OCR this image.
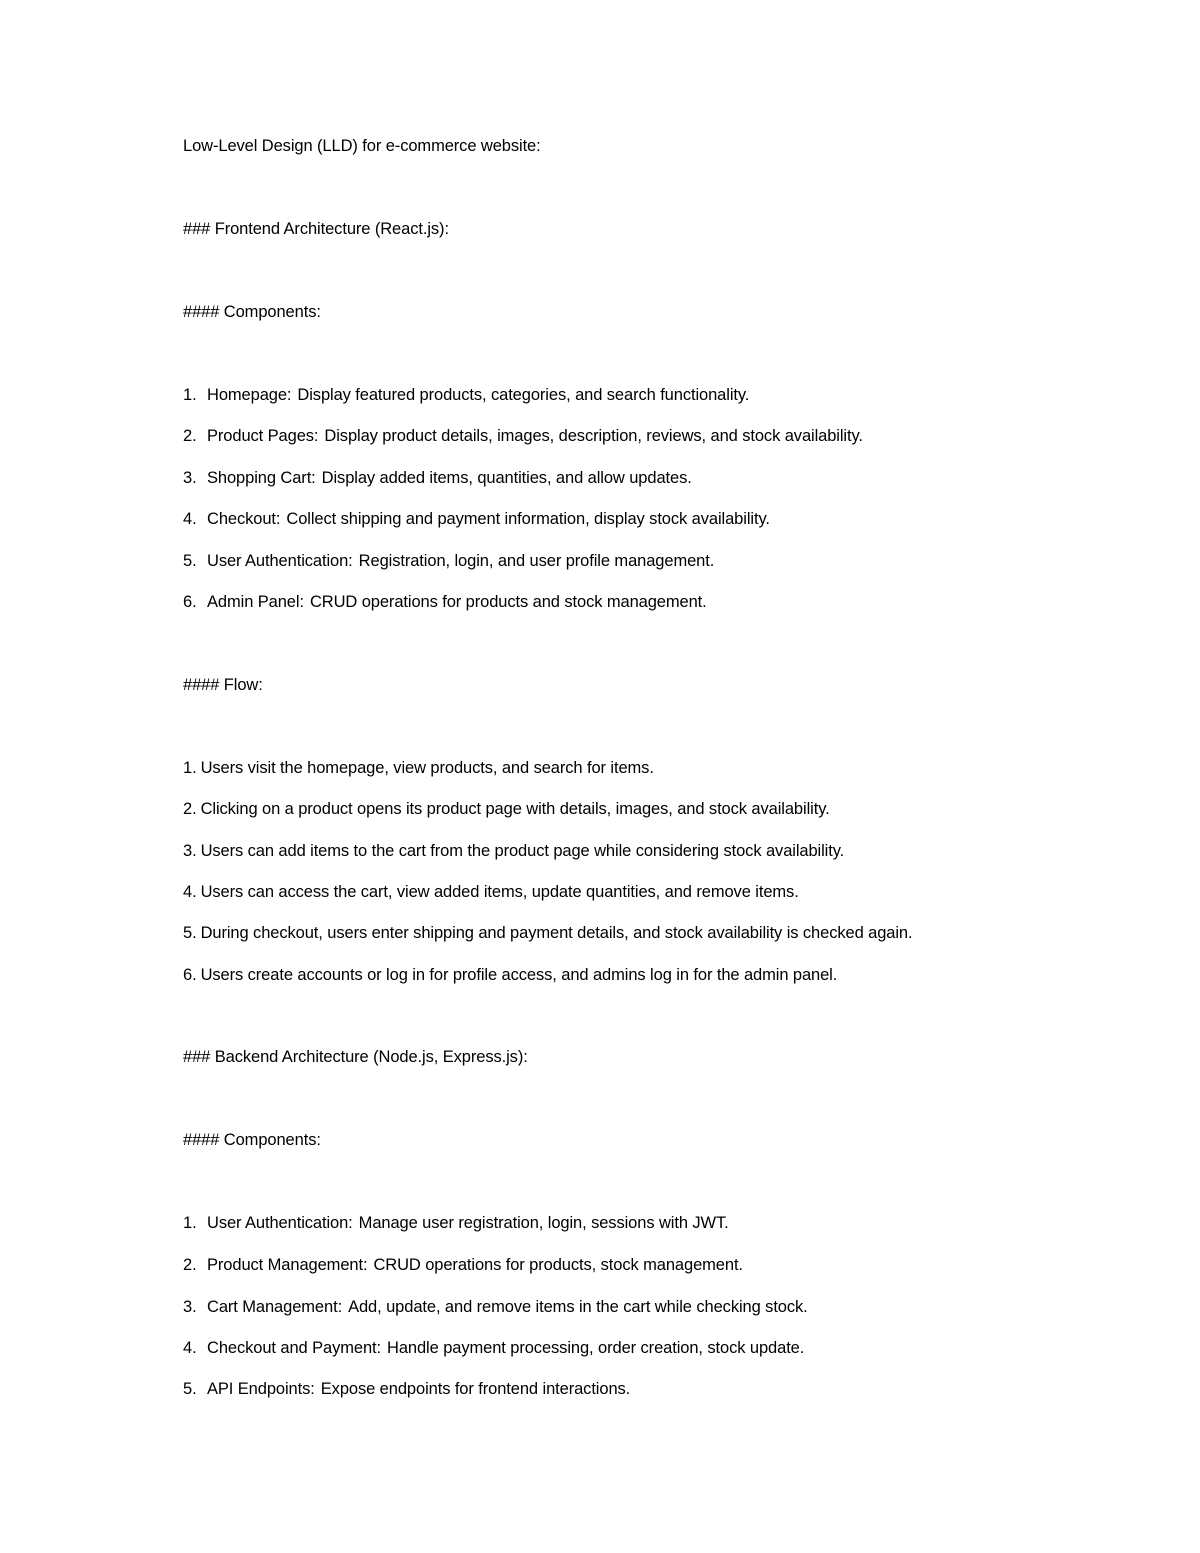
Low-Level Design (LLD) for e-commerce website:
### Frontend Architecture (React.js):
#### Components:
1. Homepage: Display featured products, categories, and search functionality.
2. Product Pages: Display product details, images, description, reviews, and stock availability.
3. Shopping Cart: Display added items, quantities, and allow updates.
4. Checkout: Collect shipping and payment information, display stock availability.
5. User Authentication: Registration, login, and user profile management.
6. Admin Panel: CRUD operations for products and stock management.
#### Flow:
1. Users visit the homepage, view products, and search for items.
2. Clicking on a product opens its product page with details, images, and stock availability.
3. Users can add items to the cart from the product page while considering stock availability.
4. Users can access the cart, view added items, update quantities, and remove items.
5. During checkout, users enter shipping and payment details, and stock availability is checked again.
6. Users create accounts or log in for profile access, and admins log in for the admin panel.
### Backend Architecture (Node.js, Express.js):
#### Components:
1. User Authentication: Manage user registration, login, sessions with JWT.
2. Product Management: CRUD operations for products, stock management.
3. Cart Management: Add, update, and remove items in the cart while checking stock.
4. Checkout and Payment: Handle payment processing, order creation, stock update.
5. API Endpoints: Expose endpoints for frontend interactions.
